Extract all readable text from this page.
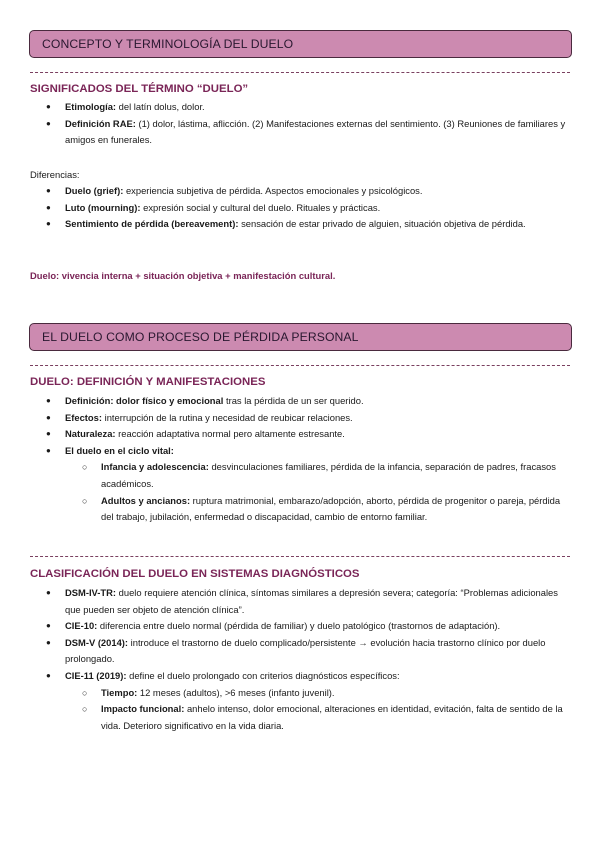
CONCEPTO Y TERMINOLOGÍA DEL DUELO
SIGNIFICADOS DEL TÉRMINO “DUELO”
● Etimología: del latín dolus, dolor.
● Definición RAE: (1) dolor, lástima, aflicción. (2) Manifestaciones externas del sentimiento. (3) Reuniones de familiares y amigos en funerales.
Diferencias:
● Duelo (grief): experiencia subjetiva de pérdida. Aspectos emocionales y psicológicos.
● Luto (mourning): expresión social y cultural del duelo. Rituales y prácticas.
● Sentimiento de pérdida (bereavement): sensación de estar privado de alguien, situación objetiva de pérdida.
Duelo: vivencia interna + situación objetiva + manifestación cultural.
EL DUELO COMO PROCESO DE PÉRDIDA PERSONAL
DUELO: DEFINICIÓN Y MANIFESTACIONES
● Definición: dolor físico y emocional tras la pérdida de un ser querido.
● Efectos: interrupción de la rutina y necesidad de reubicar relaciones.
● Naturaleza: reacción adaptativa normal pero altamente estresante.
● El duelo en el ciclo vital:
○ Infancia y adolescencia: desvinculaciones familiares, pérdida de la infancia, separación de padres, fracasos académicos.
○ Adultos y ancianos: ruptura matrimonial, embarazo/adopción, aborto, pérdida de progenitor o pareja, pérdida del trabajo, jubilación, enfermedad o discapacidad, cambio de entorno familiar.
CLASIFICACIÓN DEL DUELO EN SISTEMAS DIAGNÓSTICOS
● DSM-IV-TR: duelo requiere atención clínica, síntomas similares a depresión severa; categoría: “Problemas adicionales que pueden ser objeto de atención clínica”.
● CIE-10: diferencia entre duelo normal (pérdida de familiar) y duelo patológico (trastornos de adaptación).
● DSM-V (2014): introduce el trastorno de duelo complicado/persistente → evolución hacia trastorno clínico por duelo prolongado.
● CIE-11 (2019): define el duelo prolongado con criterios diagnósticos específicos:
○ Tiempo: 12 meses (adultos), >6 meses (infanto juvenil).
○ Impacto funcional: anhelo intenso, dolor emocional, alteraciones en identidad, evitación, falta de sentido de la vida. Deterioro significativo en la vida diaria.
